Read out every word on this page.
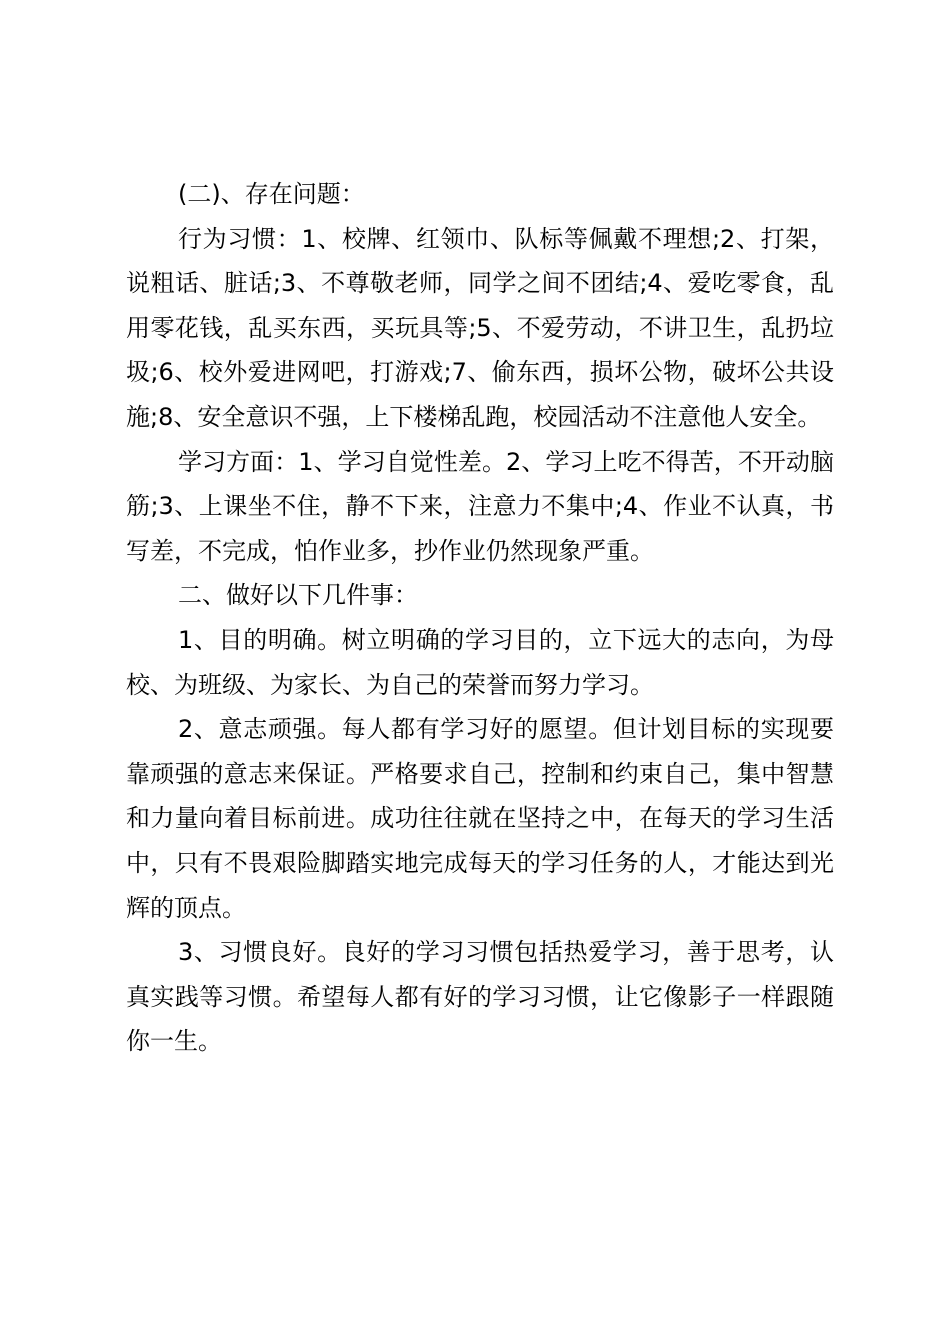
(二)、存在问题：

行为习惯：1、校牌、红领巾、队标等佩戴不理想;2、打架，说粗话、脏话;3、不尊敬老师，同学之间不团结;4、爱吃零食，乱用零花钱，乱买东西，买玩具等;5、不爱劳动，不讲卫生，乱扔垃圾;6、校外爱进网吧，打游戏;7、偷东西，损坏公物，破坏公共设施;8、安全意识不强，上下楼梯乱跑，校园活动不注意他人安全。

学习方面：1、学习自觉性差。2、学习上吃不得苦，不开动脑筋;3、上课坐不住，静不下来，注意力不集中;4、作业不认真，书写差，不完成，怕作业多，抄作业仍然现象严重。

二、做好以下几件事：

1、目的明确。树立明确的学习目的，立下远大的志向，为母校、为班级、为家长、为自己的荣誉而努力学习。

2、意志顽强。每人都有学习好的愿望。但计划目标的实现要靠顽强的意志来保证。严格要求自己，控制和约束自己，集中智慧和力量向着目标前进。成功往往就在坚持之中，在每天的学习生活中，只有不畏艰险脚踏实地完成每天的学习任务的人，才能达到光辉的顶点。

3、习惯良好。良好的学习习惯包括热爱学习，善于思考，认真实践等习惯。希望每人都有好的学习习惯，让它像影子一样跟随你一生。
